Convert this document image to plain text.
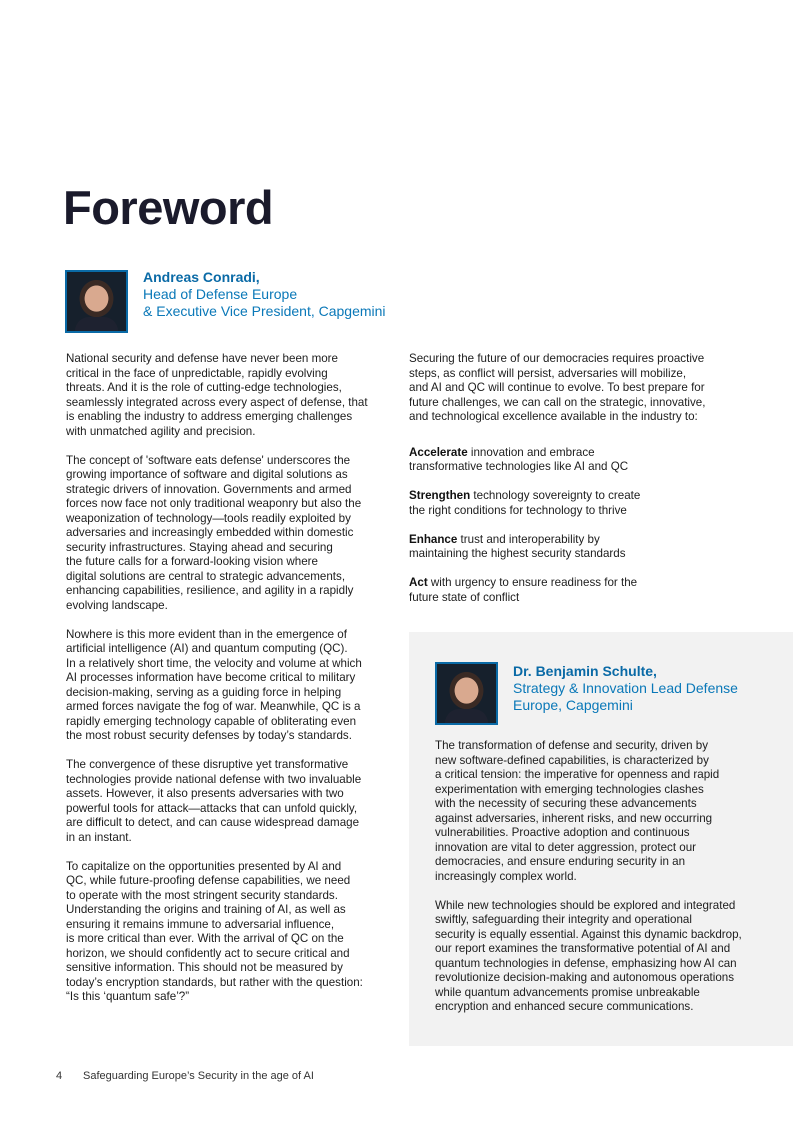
Foreword
Andreas Conradi,
Head of Defense Europe
& Executive Vice President, Capgemini

National security and defense have never been more
critical in the face of unpredictable, rapidly evolving
threats. And it is the role of cutting-edge technologies,
seamlessly integrated across every aspect of defense, that
is enabling the industry to address emerging challenges
with unmatched agility and precision.

The concept of 'software eats defense' underscores the
growing importance of software and digital solutions as
strategic drivers of innovation. Governments and armed
forces now face not only traditional weaponry but also the
weaponization of technology—tools readily exploited by
adversaries and increasingly embedded within domestic
security infrastructures. Staying ahead and securing
the future calls for a forward-looking vision where
digital solutions are central to strategic advancements,
enhancing capabilities, resilience, and agility in a rapidly
evolving landscape.

Nowhere is this more evident than in the emergence of
artificial intelligence (AI) and quantum computing (QC).
In a relatively short time, the velocity and volume at which
AI processes information have become critical to military
decision-making, serving as a guiding force in helping
armed forces navigate the fog of war. Meanwhile, QC is a
rapidly emerging technology capable of obliterating even
the most robust security defenses by today’s standards.

The convergence of these disruptive yet transformative
technologies provide national defense with two invaluable
assets. However, it also presents adversaries with two
powerful tools for attack—attacks that can unfold quickly,
are difficult to detect, and can cause widespread damage
in an instant.

To capitalize on the opportunities presented by AI and
QC, while future-proofing defense capabilities, we need
to operate with the most stringent security standards.
Understanding the origins and training of AI, as well as
ensuring it remains immune to adversarial influence,
is more critical than ever. With the arrival of QC on the
horizon, we should confidently act to secure critical and
sensitive information. This should not be measured by
today’s encryption standards, but rather with the question:
“Is this ‘quantum safe’?”

Securing the future of our democracies requires proactive
steps, as conflict will persist, adversaries will mobilize,
and AI and QC will continue to evolve. To best prepare for
future challenges, we can call on the strategic, innovative,
and technological excellence available in the industry to:

Accelerate innovation and embrace
transformative technologies like AI and QC

Strengthen technology sovereignty to create
the right conditions for technology to thrive

Enhance trust and interoperability by
maintaining the highest security standards

Act with urgency to ensure readiness for the
future state of conflict

Dr. Benjamin Schulte,
Strategy & Innovation Lead Defense
Europe, Capgemini

The transformation of defense and security, driven by
new software-defined capabilities, is characterized by
a critical tension: the imperative for openness and rapid
experimentation with emerging technologies clashes
with the necessity of securing these advancements
against adversaries, inherent risks, and new occurring
vulnerabilities. Proactive adoption and continuous
innovation are vital to deter aggression, protect our
democracies, and ensure enduring security in an
increasingly complex world.

While new technologies should be explored and integrated
swiftly, safeguarding their integrity and operational
security is equally essential. Against this dynamic backdrop,
our report examines the transformative potential of AI and
quantum technologies in defense, emphasizing how AI can
revolutionize decision-making and autonomous operations
while quantum advancements promise unbreakable
encryption and enhanced secure communications.

4 Safeguarding Europe’s Security in the age of AI
